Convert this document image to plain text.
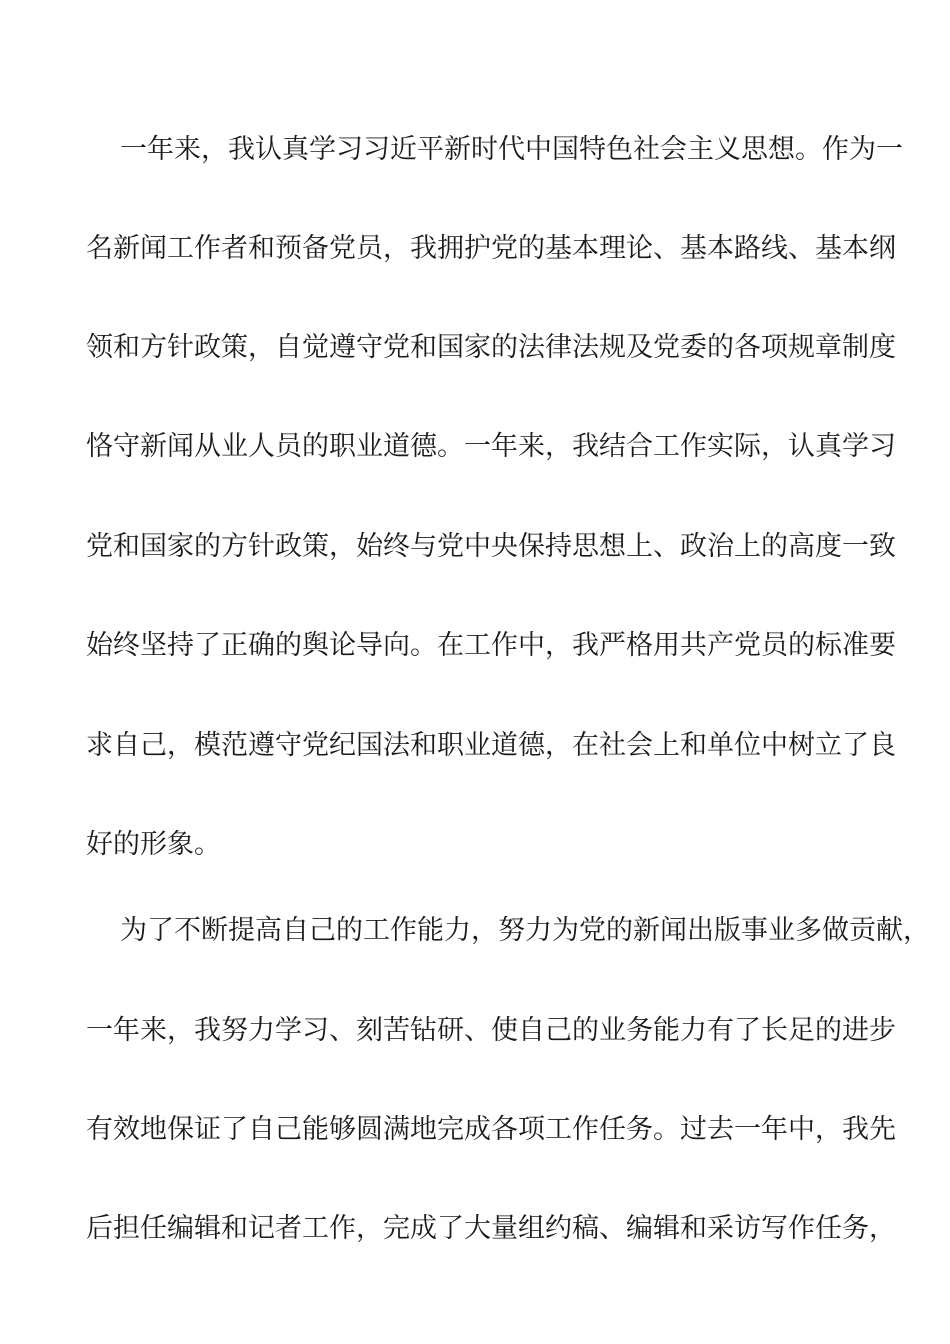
一年来，我认真学习习近平新时代中国特色社会主义思想。作为一
名新闻工作者和预备党员，我拥护党的基本理论、基本路线、基本纲
领和方针政策，自觉遵守党和国家的法律法规及党委的各项规章制度
恪守新闻从业人员的职业道德。一年来，我结合工作实际，认真学习
党和国家的方针政策，始终与党中央保持思想上、政治上的高度一致
始终坚持了正确的舆论导向。在工作中，我严格用共产党员的标准要
求自己，模范遵守党纪国法和职业道德，在社会上和单位中树立了良
好的形象。
为了不断提高自己的工作能力，努力为党的新闻出版事业多做贡献，
一年来，我努力学习、刻苦钻研、使自己的业务能力有了长足的进步
有效地保证了自己能够圆满地完成各项工作任务。过去一年中，我先
后担任编辑和记者工作，完成了大量组约稿、编辑和采访写作任务，
